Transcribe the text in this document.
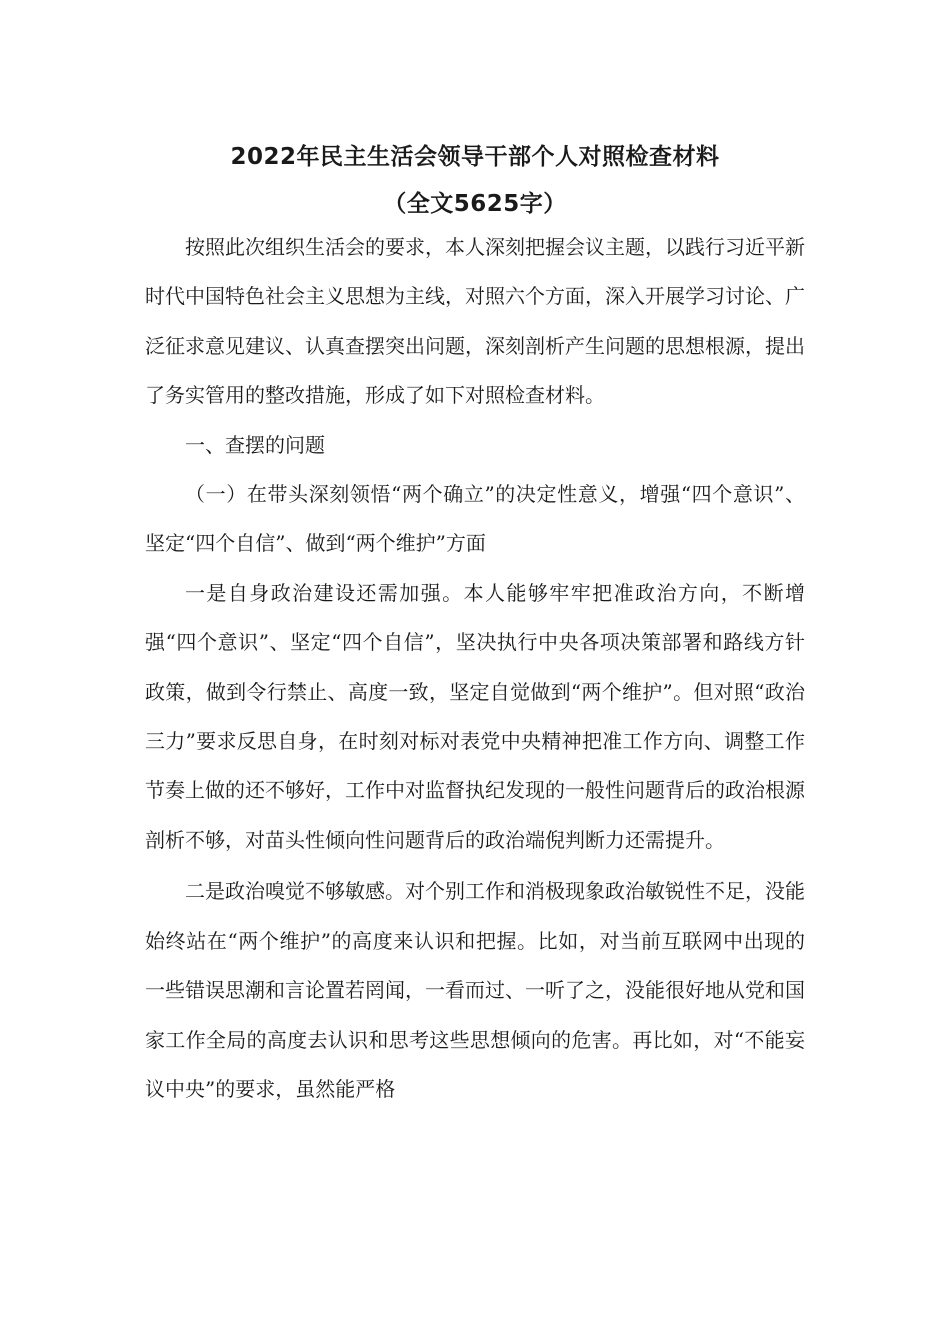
2022年民主生活会领导干部个人对照检查材料
（全文5625字）

按照此次组织生活会的要求，本人深刻把握会议主题，以践行习近平新时代中国特色社会主义思想为主线，对照六个方面，深入开展学习讨论、广泛征求意见建议、认真查摆突出问题，深刻剖析产生问题的思想根源，提出了务实管用的整改措施，形成了如下对照检查材料。

一、查摆的问题

（一）在带头深刻领悟“两个确立”的决定性意义，增强“四个意识”、坚定“四个自信”、做到“两个维护”方面

一是自身政治建设还需加强。本人能够牢牢把准政治方向，不断增强“四个意识”、坚定“四个自信”，坚决执行中央各项决策部署和路线方针政策，做到令行禁止、高度一致，坚定自觉做到“两个维护”。但对照“政治三力”要求反思自身，在时刻对标对表党中央精神把准工作方向、调整工作节奏上做的还不够好，工作中对监督执纪发现的一般性问题背后的政治根源剖析不够，对苗头性倾向性问题背后的政治端倪判断力还需提升。

二是政治嗅觉不够敏感。对个别工作和消极现象政治敏锐性不足，没能始终站在“两个维护”的高度来认识和把握。比如，对当前互联网中出现的一些错误思潮和言论置若罔闻，一看而过、一听了之，没能很好地从党和国家工作全局的高度去认识和思考这些思想倾向的危害。再比如，对“不能妄议中央”的要求，虽然能严格
